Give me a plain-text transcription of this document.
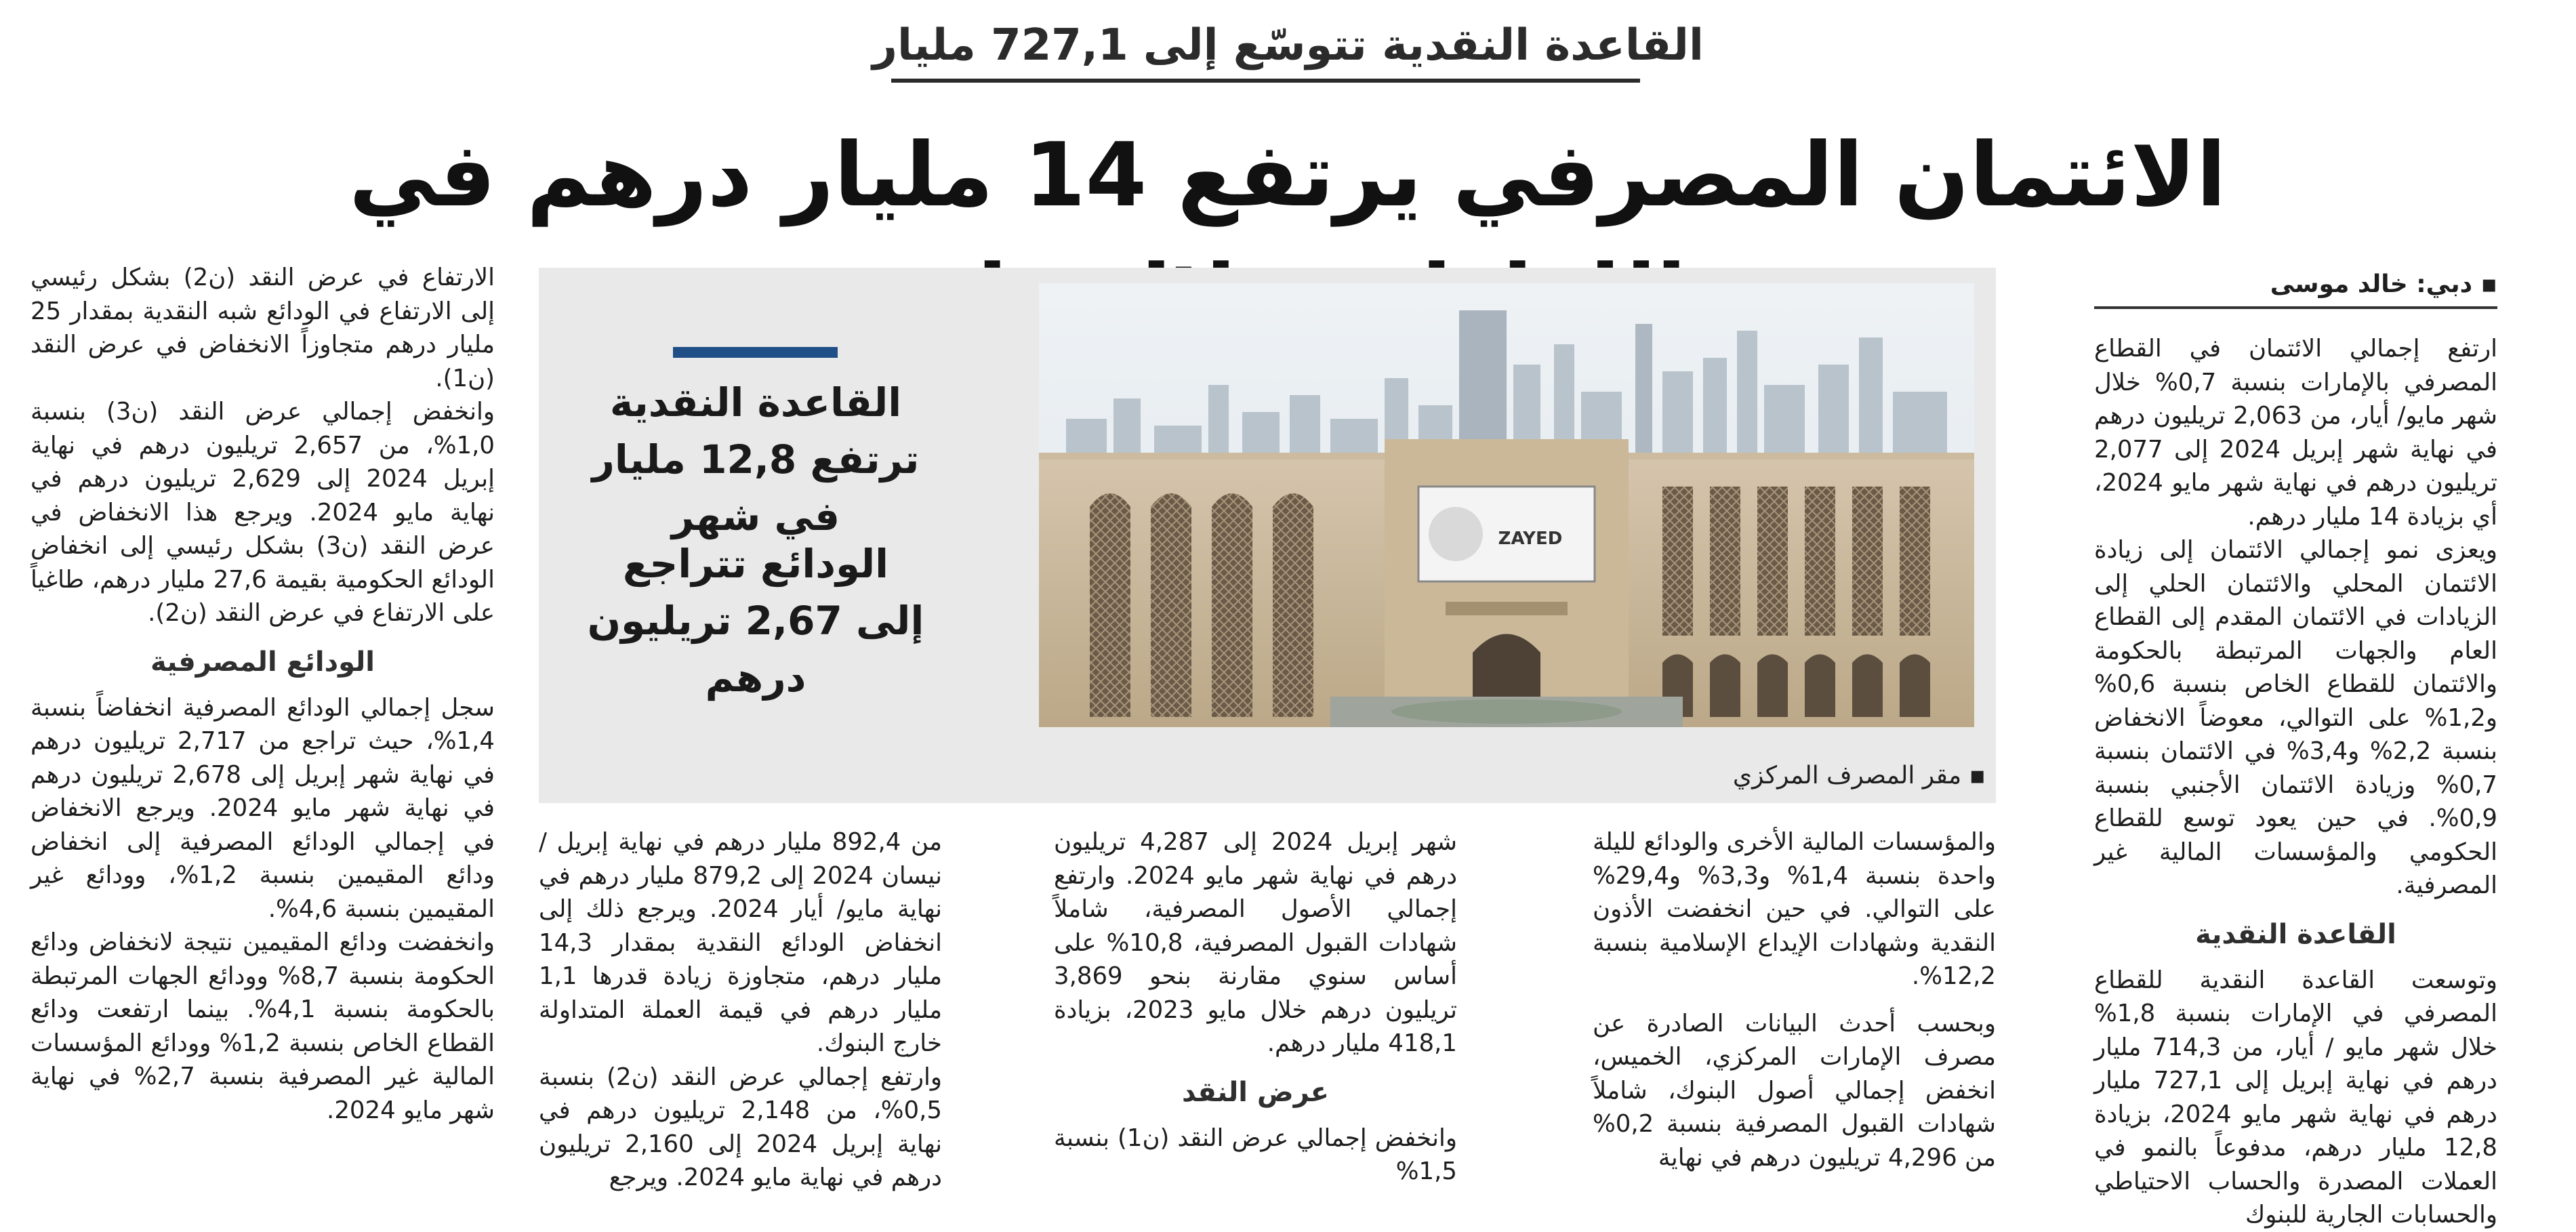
القاعدة النقدية تتوسّع إلى 727,1 مليار
الائتمان المصرفي يرتفع 14 مليار درهم في
▪ دبي: خالد موسى

ارتفع إجمالي الائتمان في القطاع المصرفي بالإمارات بنسبة 0,7% خلال شهر مايو/ أيار، من 2,063 تريليون درهم في نهاية شهر إبريل 2024 إلى 2,077 تريليون درهم في نهاية شهر مايو 2024، أي بزيادة 14 مليار درهم.

ويعزى نمو إجمالي الائتمان إلى زيادة الائتمان المحلي والائتمان الحلي إلى الزيادات في الائتمان المقدم إلى القطاع العام والجهات المرتبطة بالحكومة والائتمان للقطاع الخاص بنسبة 0,6% و1,2% على التوالي، معوضاً الانخفاض بنسبة 2,2% و3,4% في الائتمان بنسبة 0,7% وزيادة الائتمان الأجنبي بنسبة 0,9%. في حين يعود توسع للقطاع الحكومي والمؤسسات المالية غير المصرفية.

القاعدة النقدية

وتوسعت القاعدة النقدية للقطاع المصرفي في الإمارات بنسبة 1,8% خلال شهر مايو / أيار، من 714,3 مليار درهم في نهاية إبريل إلى 727,1 مليار درهم في نهاية شهر مايو 2024، بزيادة 12,8 مليار درهم، مدفوعاً بالنمو في العملات المصدرة والحساب الاحتياطي والحسابات الجارية للبنوك

القاعدة النقدية
ترتفع 12,8 مليار في شهر
الودائع تتراجع
إلى 2,67 تريليون درهم
ZAYED
▪ مقر المصرف المركزي

والمؤسسات المالية الأخرى والودائع لليلة واحدة بنسبة 1,4% و3,3% و29,4% على التوالي. في حين انخفضت الأذون النقدية وشهادات الإيداع الإسلامية بنسبة 12,2%.

وبحسب أحدث البيانات الصادرة عن مصرف الإمارات المركزي، الخميس، انخفض إجمالي أصول البنوك، شاملاً شهادات القبول المصرفية بنسبة 0,2% من 4,296 تريليون درهم في نهاية

شهر إبريل 2024 إلى 4,287 تريليون درهم في نهاية شهر مايو 2024. وارتفع إجمالي الأصول المصرفية، شاملاً شهادات القبول المصرفية، 10,8% على أساس سنوي مقارنة بنحو 3,869 تريليون درهم خلال مايو 2023، بزيادة 418,1 مليار درهم.

عرض النقد

وانخفض إجمالي عرض النقد (ن1) بنسبة 1,5%

من 892,4 مليار درهم في نهاية إبريل / نيسان 2024 إلى 879,2 مليار درهم في نهاية مايو/ أيار 2024. ويرجع ذلك إلى انخفاض الودائع النقدية بمقدار 14,3 مليار درهم، متجاوزة زيادة قدرها 1,1 مليار درهم في قيمة العملة المتداولة خارج البنوك.

وارتفع إجمالي عرض النقد (ن2) بنسبة 0,5%، من 2,148 تريليون درهم في نهاية إبريل 2024 إلى 2,160 تريليون درهم في نهاية مايو 2024. ويرجع

الارتفاع في عرض النقد (ن2) بشكل رئيسي إلى الارتفاع في الودائع شبه النقدية بمقدار 25 مليار درهم متجاوزاً الانخفاض في عرض النقد (ن1).

وانخفض إجمالي عرض النقد (ن3) بنسبة 1,0%، من 2,657 تريليون درهم في نهاية إبريل 2024 إلى 2,629 تريليون درهم في نهاية مايو 2024. ويرجع هذا الانخفاض في عرض النقد (ن3) بشكل رئيسي إلى انخفاض الودائع الحكومية بقيمة 27,6 مليار درهم، طاغياً على الارتفاع في عرض النقد (ن2).

الودائع المصرفية

سجل إجمالي الودائع المصرفية انخفاضاً بنسبة 1,4%، حيث تراجع من 2,717 تريليون درهم في نهاية شهر إبريل إلى 2,678 تريليون درهم في نهاية شهر مايو 2024. ويرجع الانخفاض في إجمالي الودائع المصرفية إلى انخفاض ودائع المقيمين بنسبة 1,2%، وودائع غير المقيمين بنسبة 4,6%.

وانخفضت ودائع المقيمين نتيجة لانخفاض ودائع الحكومة بنسبة 8,7% وودائع الجهات المرتبطة بالحكومة بنسبة 4,1%. بينما ارتفعت ودائع القطاع الخاص بنسبة 1,2% وودائع المؤسسات المالية غير المصرفية بنسبة 2,7% في نهاية شهر مايو 2024.
